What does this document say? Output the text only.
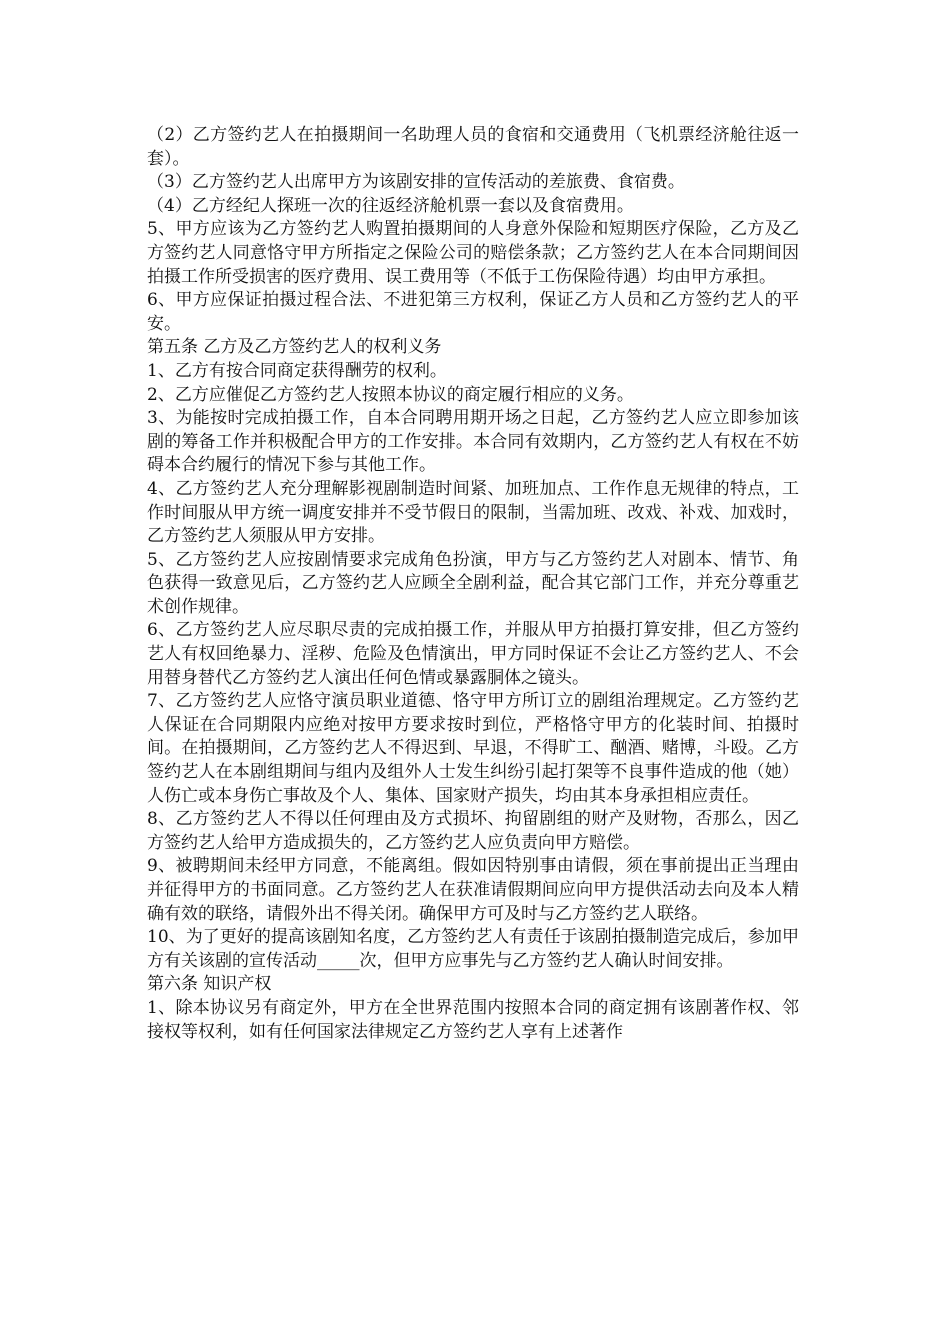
（2）乙方签约艺人在拍摄期间一名助理人员的食宿和交通费用（飞机票经济舱往返一套）。

（3）乙方签约艺人出席甲方为该剧安排的宣传活动的差旅费、食宿费。

（4）乙方经纪人探班一次的往返经济舱机票一套以及食宿费用。

5、甲方应该为乙方签约艺人购置拍摄期间的人身意外保险和短期医疗保险，乙方及乙方签约艺人同意恪守甲方所指定之保险公司的赔偿条款；乙方签约艺人在本合同期间因拍摄工作所受损害的医疗费用、误工费用等（不低于工伤保险待遇）均由甲方承担。

6、甲方应保证拍摄过程合法、不进犯第三方权利，保证乙方人员和乙方签约艺人的平安。

第五条 乙方及乙方签约艺人的权利义务

1、乙方有按合同商定获得酬劳的权利。

2、乙方应催促乙方签约艺人按照本协议的商定履行相应的义务。

3、为能按时完成拍摄工作，自本合同聘用期开场之日起，乙方签约艺人应立即参加该剧的筹备工作并积极配合甲方的工作安排。本合同有效期内，乙方签约艺人有权在不妨碍本合约履行的情况下参与其他工作。

4、乙方签约艺人充分理解影视剧制造时间紧、加班加点、工作作息无规律的特点，工作时间服从甲方统一调度安排并不受节假日的限制，当需加班、改戏、补戏、加戏时，乙方签约艺人须服从甲方安排。

5、乙方签约艺人应按剧情要求完成角色扮演，甲方与乙方签约艺人对剧本、情节、角色获得一致意见后，乙方签约艺人应顾全全剧利益，配合其它部门工作，并充分尊重艺术创作规律。

6、乙方签约艺人应尽职尽责的完成拍摄工作，并服从甲方拍摄打算安排，但乙方签约艺人有权回绝暴力、淫秽、危险及色情演出，甲方同时保证不会让乙方签约艺人、不会用替身替代乙方签约艺人演出任何色情或暴露胴体之镜头。

7、乙方签约艺人应恪守演员职业道德、恪守甲方所订立的剧组治理规定。乙方签约艺人保证在合同期限内应绝对按甲方要求按时到位，严格恪守甲方的化装时间、拍摄时间。在拍摄期间，乙方签约艺人不得迟到、早退，不得旷工、酗酒、赌博，斗殴。乙方签约艺人在本剧组期间与组内及组外人士发生纠纷引起打架等不良事件造成的他（她）人伤亡或本身伤亡事故及个人、集体、国家财产损失，均由其本身承担相应责任。

8、乙方签约艺人不得以任何理由及方式损坏、拘留剧组的财产及财物，否那么，因乙方签约艺人给甲方造成损失的，乙方签约艺人应负责向甲方赔偿。

9、被聘期间未经甲方同意，不能离组。假如因特别事由请假，须在事前提出正当理由并征得甲方的书面同意。乙方签约艺人在获准请假期间应向甲方提供活动去向及本人精确有效的联络，请假外出不得关闭。确保甲方可及时与乙方签约艺人联络。

10、为了更好的提高该剧知名度，乙方签约艺人有责任于该剧拍摄制造完成后，参加甲方有关该剧的宣传活动_____次，但甲方应事先与乙方签约艺人确认时间安排。

第六条 知识产权

1、除本协议另有商定外，甲方在全世界范围内按照本合同的商定拥有该剧著作权、邻接权等权利，如有任何国家法律规定乙方签约艺人享有上述著作
